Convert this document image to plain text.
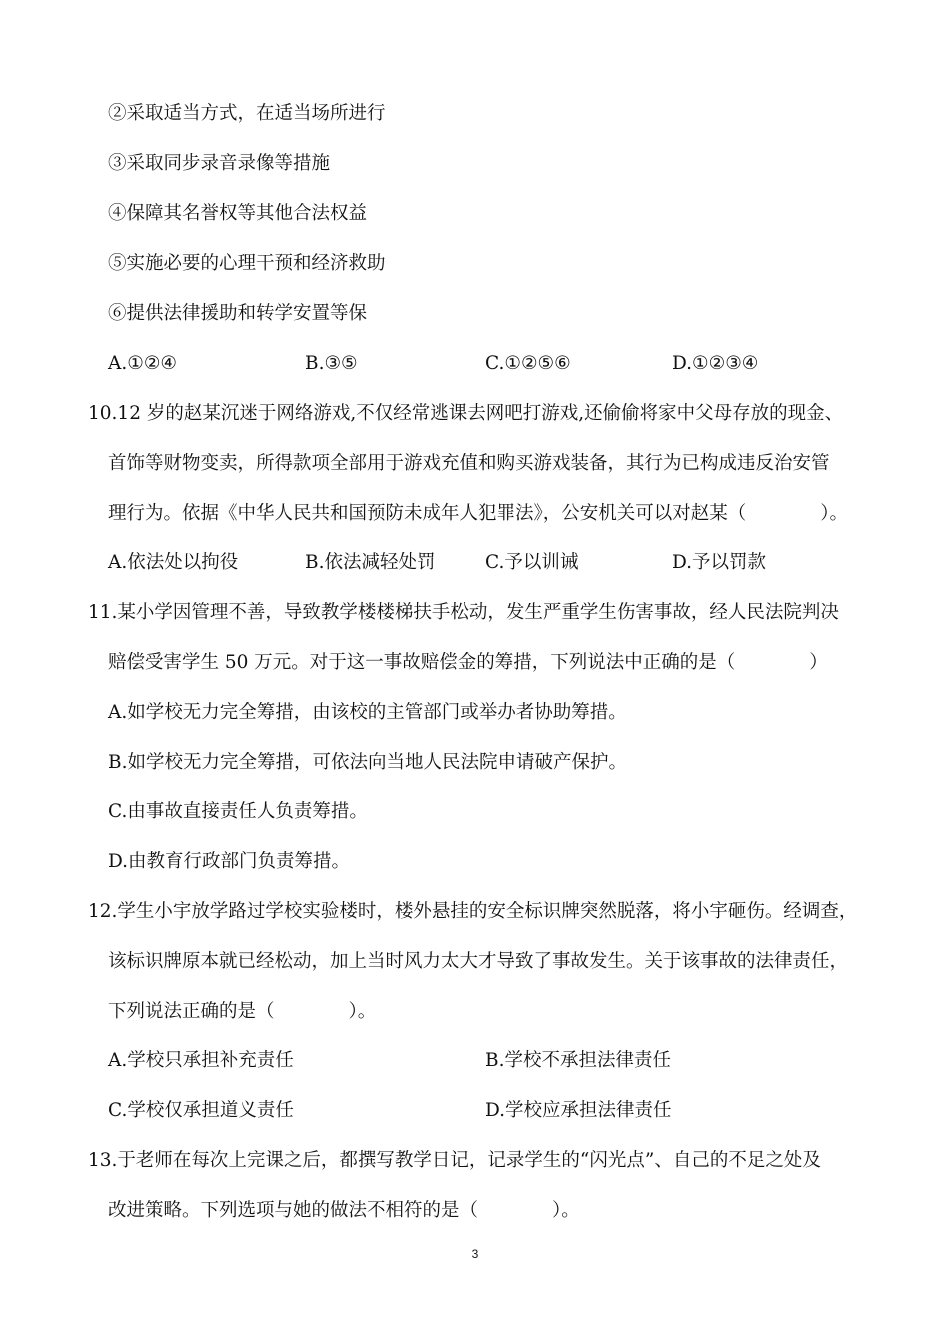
②采取适当方式，在适当场所进行
③采取同步录音录像等措施
④保障其名誉权等其他合法权益
⑤实施必要的心理干预和经济救助
⑥提供法律援助和转学安置等保
A.①②④	B.③⑤	C.①②⑤⑥	D.①②③④
10.12 岁的赵某沉迷于网络游戏,不仅经常逃课去网吧打游戏,还偷偷将家中父母存放的现金、
首饰等财物变卖，所得款项全部用于游戏充值和购买游戏装备，其行为已构成违反治安管
理行为。依据《中华人民共和国预防未成年人犯罪法》，公安机关可以对赵某（　　　　）。
A.依法处以拘役	B.依法减轻处罚	C.予以训诫	D.予以罚款
11.某小学因管理不善，导致教学楼楼梯扶手松动，发生严重学生伤害事故，经人民法院判决
赔偿受害学生 50 万元。对于这一事故赔偿金的筹措，下列说法中正确的是（　　　　）
A.如学校无力完全筹措，由该校的主管部门或举办者协助筹措。
B.如学校无力完全筹措，可依法向当地人民法院申请破产保护。
C.由事故直接责任人负责筹措。
D.由教育行政部门负责筹措。
12.学生小宇放学路过学校实验楼时，楼外悬挂的安全标识牌突然脱落，将小宇砸伤。经调查，
该标识牌原本就已经松动，加上当时风力太大才导致了事故发生。关于该事故的法律责任，
下列说法正确的是（　　　　）。
A.学校只承担补充责任	B.学校不承担法律责任
C.学校仅承担道义责任	D.学校应承担法律责任
13.于老师在每次上完课之后，都撰写教学日记，记录学生的“闪光点”、自己的不足之处及
改进策略。下列选项与她的做法不相符的是（　　　　）。
3
